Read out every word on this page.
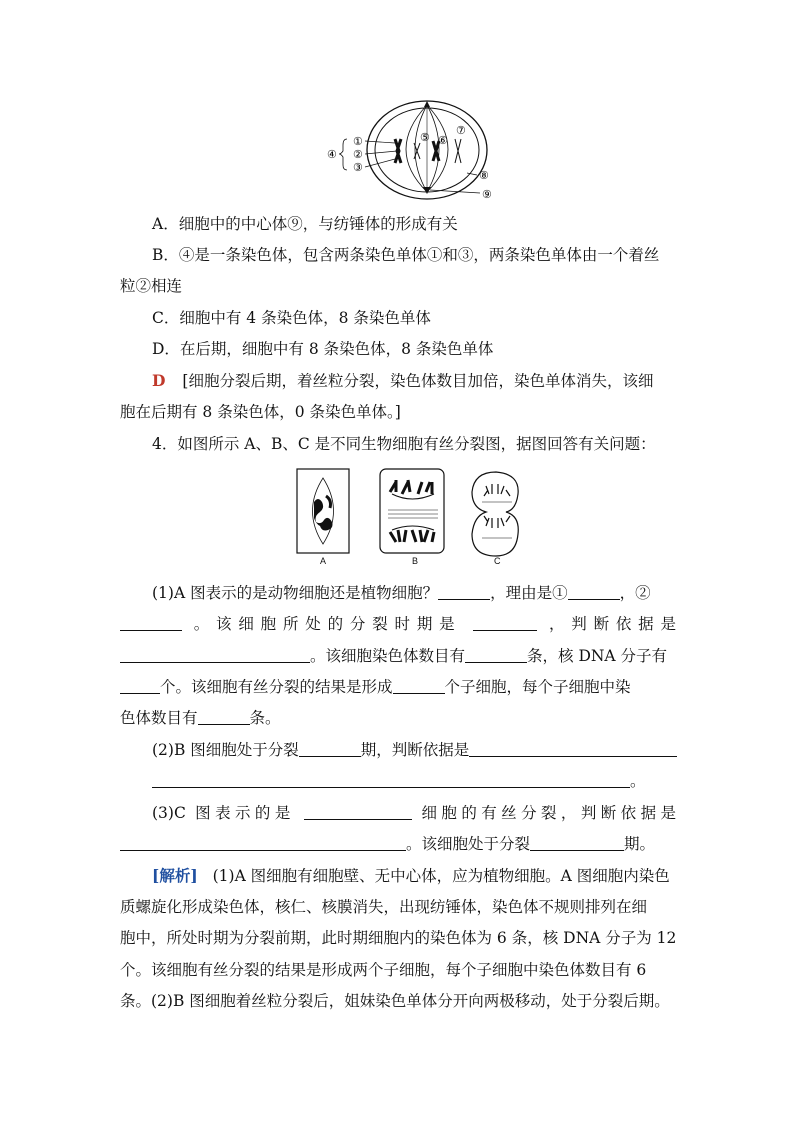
①
②
③
④
⑤ ⑥
⑦
⑧
⑨
A．细胞中的中心体⑨，与纺锤体的形成有关
B．④是一条染色体，包含两条染色单体①和③，两条染色单体由一个着丝
粒②相连
C．细胞中有 4 条染色体，8 条染色单体
D．在后期，细胞中有 8 条染色体，8 条染色单体
D [细胞分裂后期，着丝粒分裂，染色体数目加倍，染色单体消失，该细
胞在后期有 8 条染色体，0 条染色单体。]
4．如图所示 A、B、C 是不同生物细胞有丝分裂图，据图回答有关问题：
A	B	C
(1)A 图表示的是动物细胞还是植物细胞？	，理由是①	，②
。该细胞所处的分裂时期是	，判断依据是
。该细胞染色体数目有	条，核 DNA 分子有
个。该细胞有丝分裂的结果是形成	个子细胞，每个子细胞中染
色体数目有	条。
(2)B 图细胞处于分裂	期，判断依据是
。
(3)C 图表示的是	细胞的有丝分裂，判断依据是
。该细胞处于分裂	期。
[解析] (1)A 图细胞有细胞壁、无中心体，应为植物细胞。A 图细胞内染色
质螺旋化形成染色体，核仁、核膜消失，出现纺锤体，染色体不规则排列在细
胞中，所处时期为分裂前期，此时期细胞内的染色体为 6 条，核 DNA 分子为 12
个。该细胞有丝分裂的结果是形成两个子细胞，每个子细胞中染色体数目有 6
条。(2)B 图细胞着丝粒分裂后，姐妹染色单体分开向两极移动，处于分裂后期。
